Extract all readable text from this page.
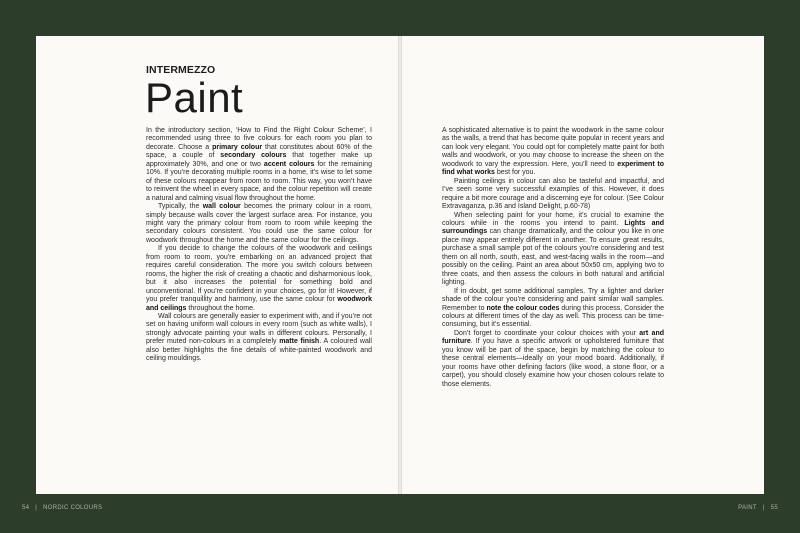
INTERMEZZO
Paint

In the introductory section, ‘How to Find the Right Colour Scheme’, I recommended using three to five colours for each room you plan to decorate. Choose a primary colour that constitutes about 60% of the space, a couple of secondary colours that together make up approximately 30%, and one or two accent colours for the remaining 10%. If you’re decorating multiple rooms in a home, it’s wise to let some of these colours reappear from room to room. This way, you won’t have to reinvent the wheel in every space, and the colour repetition will create a natural and calming visual flow throughout the home.

Typically, the wall colour becomes the primary colour in a room, simply because walls cover the largest surface area. For instance, you might vary the primary colour from room to room while keeping the secondary colours consistent. You could use the same colour for woodwork throughout the home and the same colour for the ceilings.

If you decide to change the colours of the woodwork and ceilings from room to room, you’re embarking on an advanced project that requires careful consideration. The more you switch colours between rooms, the higher the risk of creating a chaotic and disharmonious look, but it also increases the potential for something bold and unconventional. If you’re confident in your choices, go for it! However, if you prefer tranquillity and harmony, use the same colour for woodwork and ceilings throughout the home.

Wall colours are generally easier to experiment with, and if you’re not set on having uniform wall colours in every room (such as white walls), I strongly advocate painting your walls in different colours. Personally, I prefer muted non-colours in a completely matte finish. A coloured wall also better highlights the fine details of white-painted woodwork and ceiling mouldings.

A sophisticated alternative is to paint the woodwork in the same colour as the walls, a trend that has become quite popular in recent years and can look very elegant. You could opt for completely matte paint for both walls and woodwork, or you may choose to increase the sheen on the woodwork to vary the expression. Here, you’ll need to experiment to find what works best for you.

Painting ceilings in colour can also be tasteful and impactful, and I’ve seen some very successful examples of this. However, it does require a bit more courage and a discerning eye for colour. (See Colour Extravaganza, p.36 and Island Delight, p.60-78)

When selecting paint for your home, it’s crucial to examine the colours while in the rooms you intend to paint. Lights and surroundings can change dramatically, and the colour you like in one place may appear entirely different in another. To ensure great results, purchase a small sample pot of the colours you’re considering and test them on all north, south, east, and west-facing walls in the room—and possibly on the ceiling. Paint an area about 50x50 cm, applying two to three coats, and then assess the colours in both natural and artificial lighting.

If in doubt, get some additional samples. Try a lighter and darker shade of the colour you’re considering and paint similar wall samples. Remember to note the colour codes during this process. Consider the colours at different times of the day as well. This process can be time-consuming, but it’s essential.

Don’t forget to coordinate your colour choices with your art and furniture. If you have a specific artwork or upholstered furniture that you know will be part of the space, begin by matching the colour to these central elements—ideally on your mood board. Additionally, if your rooms have other defining factors (like wood, a stone floor, or a carpet), you should closely examine how your chosen colours relate to those elements.

54 | NORDIC COLOURS	PAINT | 55
